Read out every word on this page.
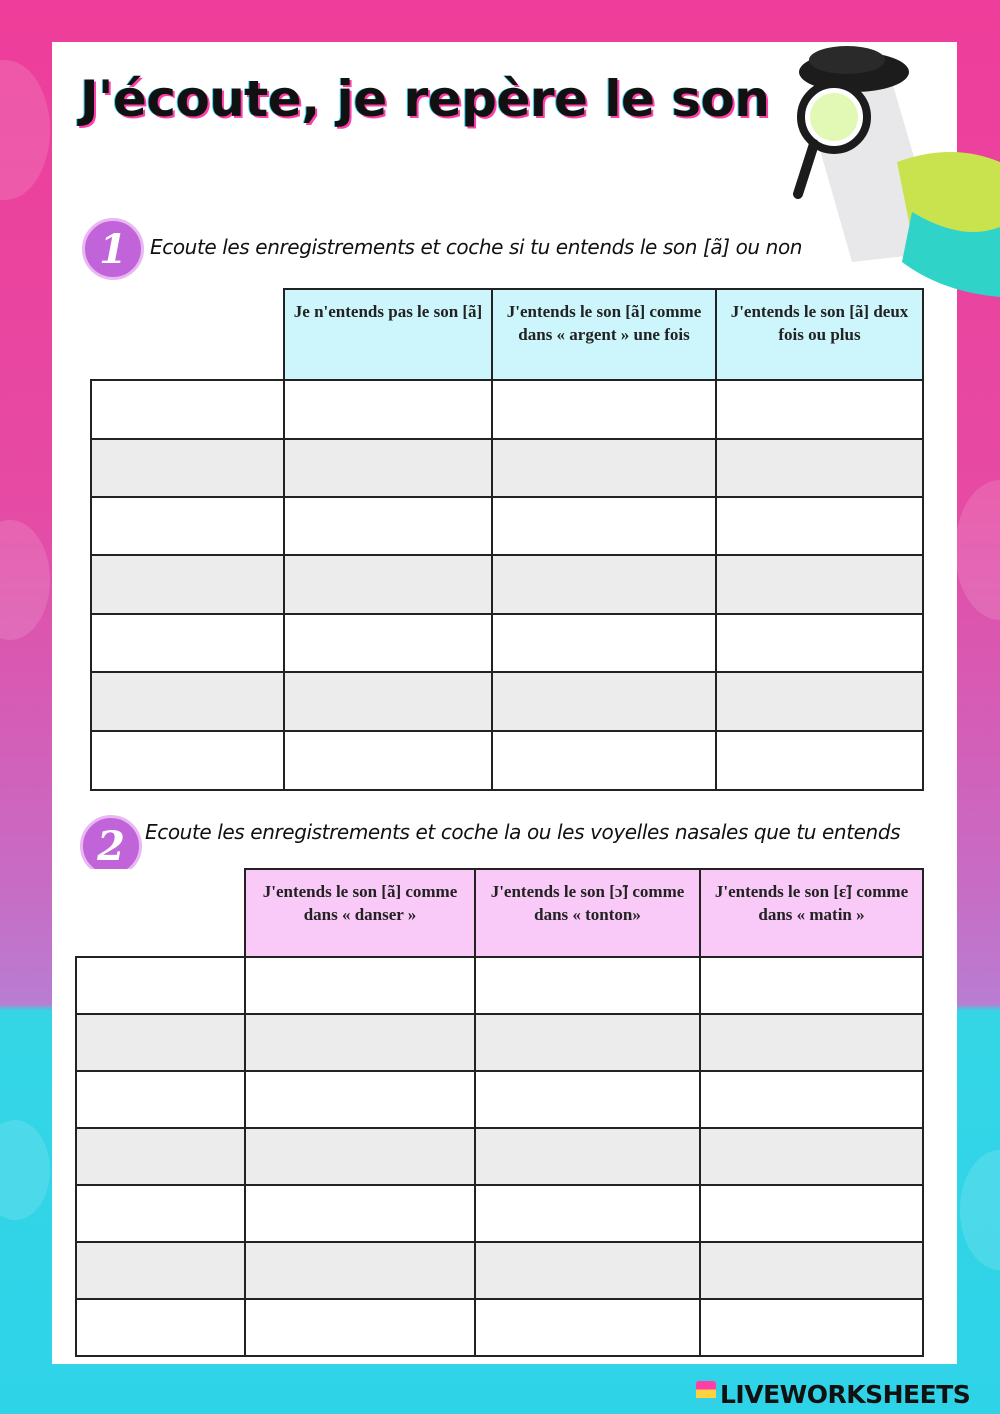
J'écoute, je repère le son
1	Ecoute les enregistrements et coche si tu entends le son [ã] ou non
	Je n'entends pas le son [ã]	J'entends le son [ã] comme dans « argent » une fois	J'entends le son [ã] deux fois ou plus

2	Ecoute les enregistrements et coche la ou les voyelles nasales que tu entends
	J'entends le son [ã] comme dans « danser »	J'entends le son [ɔ̃] comme dans « tonton»	J'entends le son [ɛ̃] comme dans « matin »

LIVEWORKSHEETS
